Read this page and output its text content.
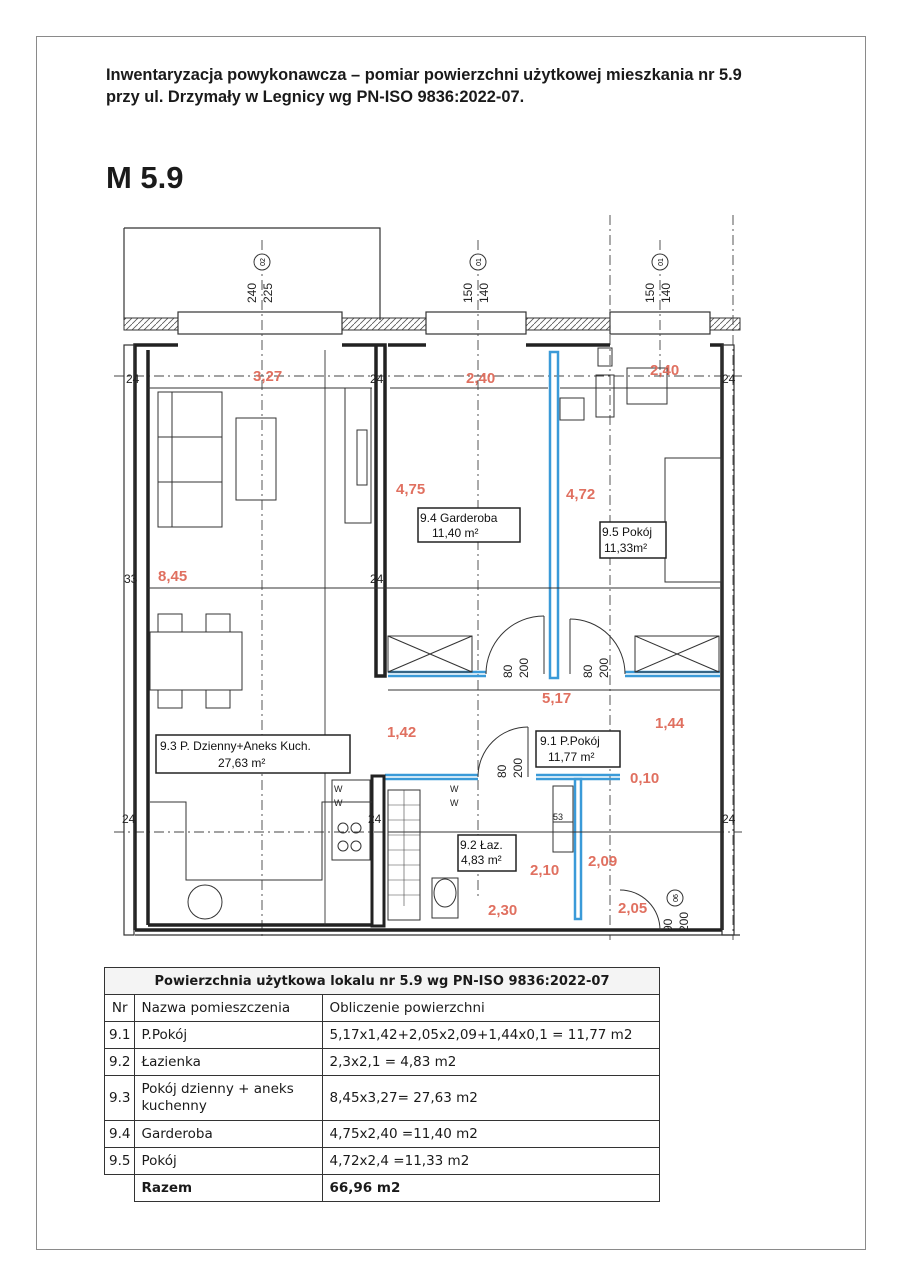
Inwentaryzacja powykonawcza – pomiar powierzchni użytkowej mieszkania nr 5.9
przy ul. Drzymały w Legnicy wg PN-ISO 9836:2022-07.
M 5.9
02	01	01
06
240 225	150 140	150 140
80 200	80 200
80 200
90 200
W
W
W
W
53
24	24	24
24
33
24	24
24
3,27	2,40	2,40
4,75	4,72
8,45
5,17
1,42
1,44
0,10
2,10
2,09
2,30	2,05
9.4 Garderoba
11,40 m²	9.5 Pokój
11,33m²
9.3 P. Dzienny+Aneks Kuch.
27,63 m²
9.1 P.Pokój
11,77 m²
9.2 Łaz.
4,83 m²
Powierzchnia użytkowa lokalu nr 5.9 wg PN-ISO 9836:2022-07		
Nr	Nazwa pomieszczenia	Obliczenie powierzchni
9.1	P.Pokój	5,17x1,42+2,05x2,09+1,44x0,1 = 11,77 m2
9.2	Łazienka	2,3x2,1 = 4,83 m2
9.3	Pokój dzienny + aneks kuchenny	8,45x3,27= 27,63 m2
9.4	Garderoba	4,75x2,40 =11,40 m2
9.5	Pokój	4,72x2,4 =11,33 m2
	Razem	66,96 m2
